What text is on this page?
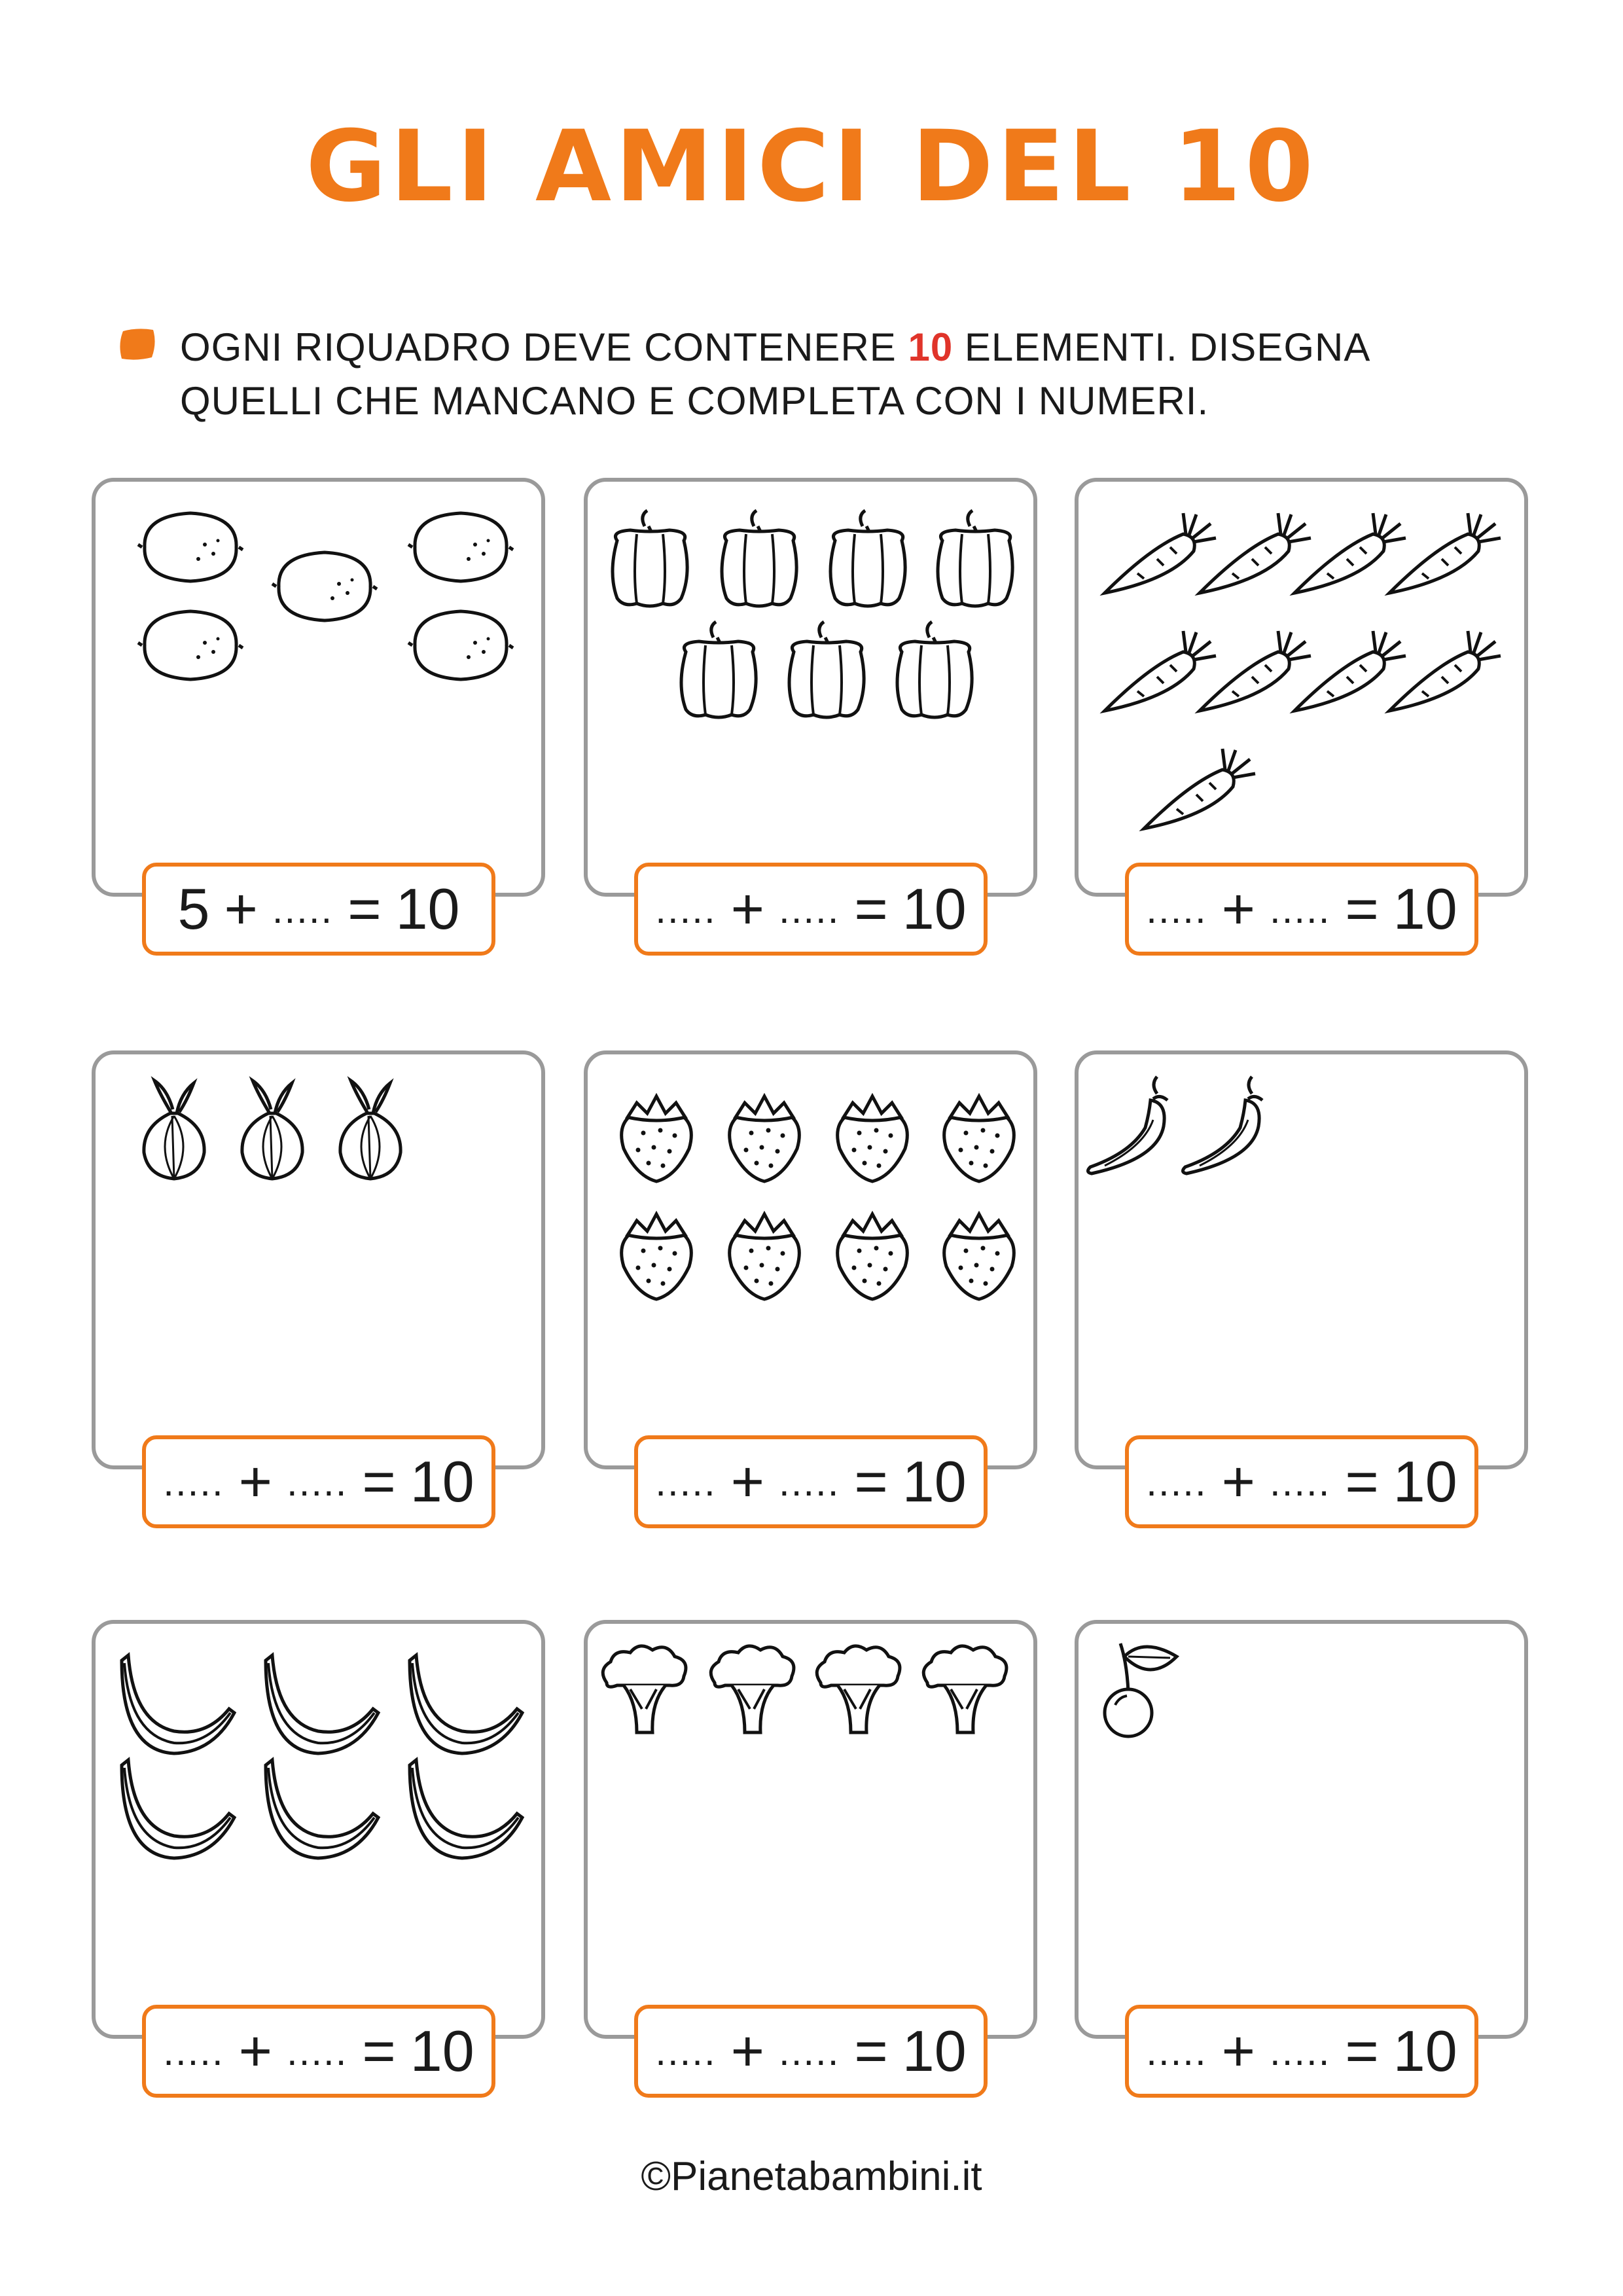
GLI AMICI DEL 10
OGNI RIQUADRO DEVE CONTENERE 10 ELEMENTI. DISEGNA
QUELLI CHE MANCANO E COMPLETA CON I NUMERI.
5 + ..... = 10	..... + ..... = 10	..... + ..... = 10
..... + ..... = 10	..... + ..... = 10	..... + ..... = 10
..... + ..... = 10	..... + ..... = 10	..... + ..... = 10
©Pianetabambini.it
